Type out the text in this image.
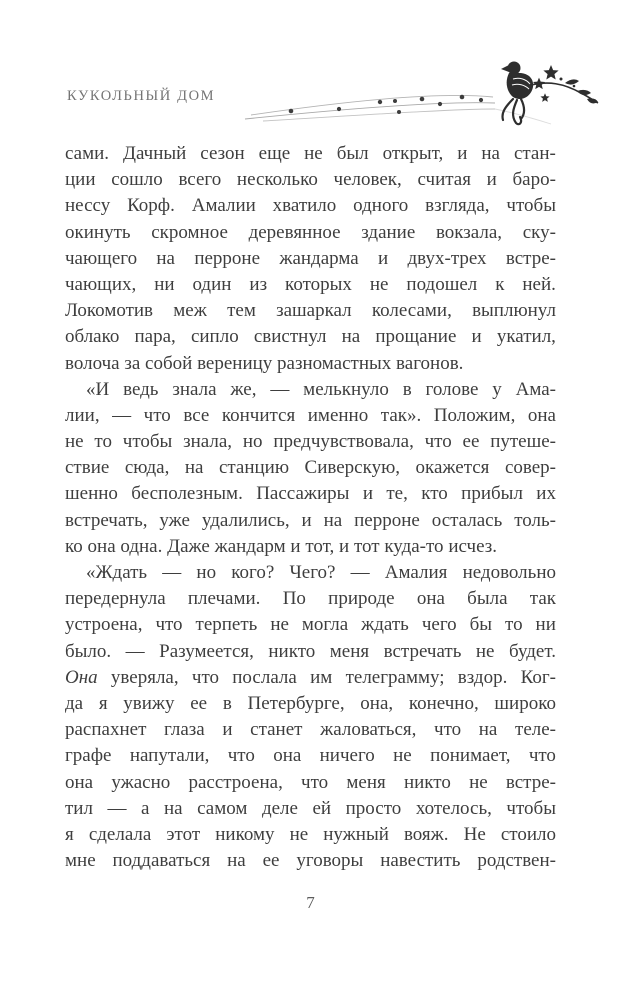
КУКОЛЬНЫЙ ДОМ
сами. Дачный сезон еще не был открыт, и на стан-
ции сошло всего несколько человек, считая и баро-
нессу Корф. Амалии хватило одного взгляда, чтобы
окинуть скромное деревянное здание вокзала, ску-
чающего на перроне жандарма и двух-трех встре-
чающих, ни один из которых не подошел к ней.
Локомотив меж тем зашаркал колесами, выплюнул
облако пара, сипло свистнул на прощание и укатил,
волоча за собой вереницу разномастных вагонов.
«И ведь знала же, — мелькнуло в голове у Ама-
лии, — что все кончится именно так». Положим, она
не то чтобы знала, но предчувствовала, что ее путеше-
ствие сюда, на станцию Сиверскую, окажется совер-
шенно бесполезным. Пассажиры и те, кто прибыл их
встречать, уже удалились, и на перроне осталась толь-
ко она одна. Даже жандарм и тот, и тот куда-то исчез.
«Ждать — но кого? Чего? — Амалия недовольно
передернула плечами. По природе она была так
устроена, что терпеть не могла ждать чего бы то ни
было. — Разумеется, никто меня встречать не будет.
Она уверяла, что послала им телеграмму; вздор. Ког-
да я увижу ее в Петербурге, она, конечно, широко
распахнет глаза и станет жаловаться, что на теле-
графе напутали, что она ничего не понимает, что
она ужасно расстроена, что меня никто не встре-
тил — а на самом деле ей просто хотелось, чтобы
я сделала этот никому не нужный вояж. Не стоило
мне поддаваться на ее уговоры навестить родствен-
7
